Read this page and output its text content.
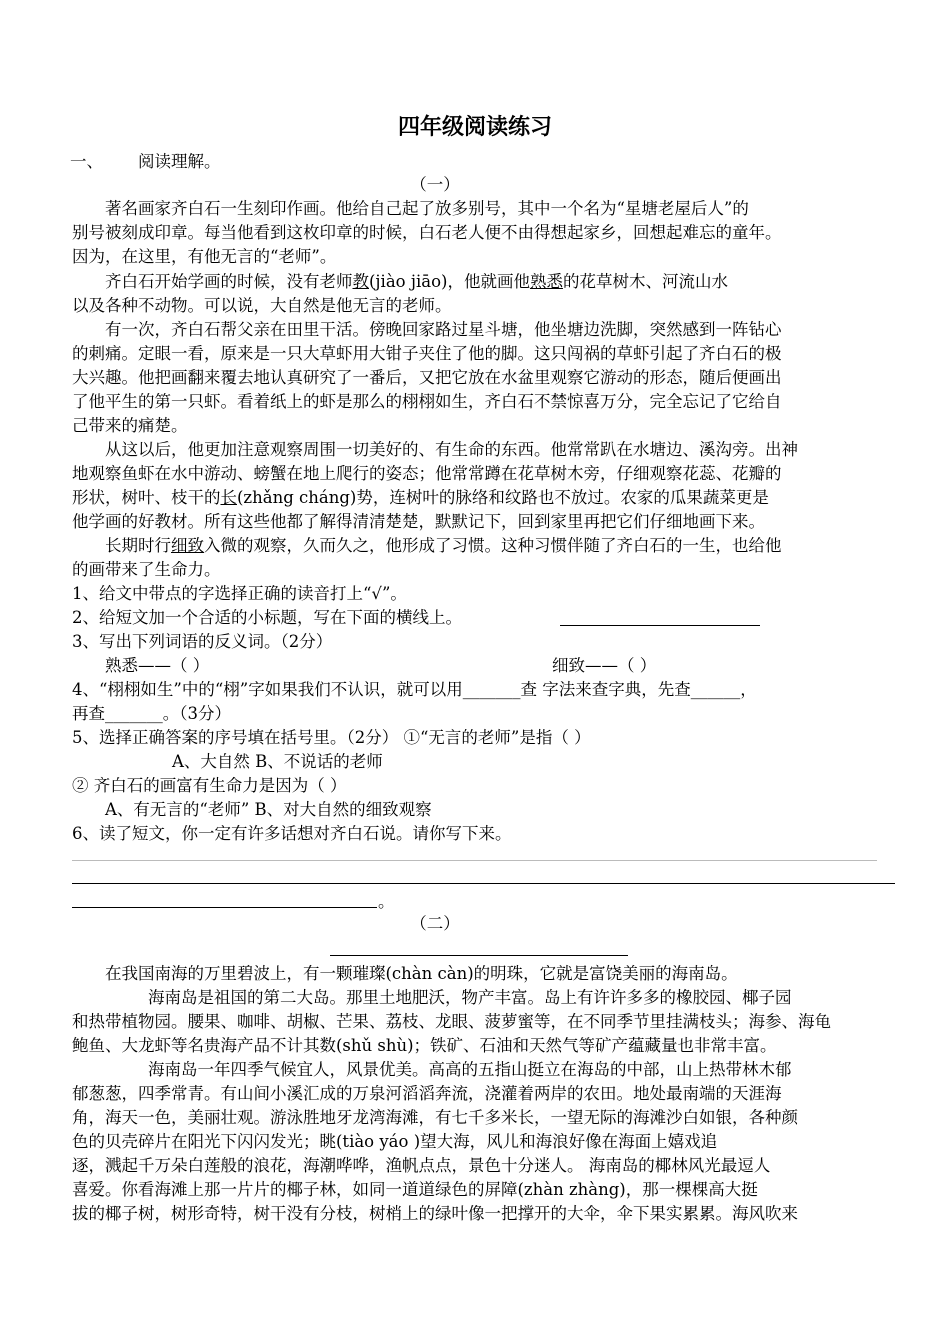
四年级阅读练习
一、 阅读理解。
（一）
著名画家齐白石一生刻印作画。他给自己起了放多别号，其中一个名为“星塘老屋后人”的
别号被刻成印章。每当他看到这枚印章的时候，白石老人便不由得想起家乡，回想起难忘的童年。
因为，在这里，有他无言的“老师”。
齐白石开始学画的时候，没有老师教(jiào jiāo)，他就画他熟悉的花草树木、河流山水
以及各种不动物。可以说，大自然是他无言的老师。
有一次，齐白石帮父亲在田里干活。傍晚回家路过星斗塘，他坐塘边洗脚，突然感到一阵钻心
的刺痛。定眼一看，原来是一只大草虾用大钳子夹住了他的脚。这只闯祸的草虾引起了齐白石的极
大兴趣。他把画翻来覆去地认真研究了一番后，又把它放在水盆里观察它游动的形态，随后便画出
了他平生的第一只虾。看着纸上的虾是那么的栩栩如生，齐白石不禁惊喜万分，完全忘记了它给自
己带来的痛楚。
从这以后，他更加注意观察周围一切美好的、有生命的东西。他常常趴在水塘边、溪沟旁。出神
地观察鱼虾在水中游动、螃蟹在地上爬行的姿态；他常常蹲在花草树木旁，仔细观察花蕊、花瓣的
形状，树叶、枝干的长(zhǎng cháng)势，连树叶的脉络和纹路也不放过。农家的瓜果蔬菜更是
他学画的好教材。所有这些他都了解得清清楚楚，默默记下，回到家里再把它们仔细地画下来。
长期时行细致入微的观察，久而久之，他形成了习惯。这种习惯伴随了齐白石的一生，也给他
的画带来了生命力。
1、给文中带点的字选择正确的读音打上“√”。
2、给短文加一个合适的小标题，写在下面的横线上。
3、写出下列词语的反义词。（2分）
熟悉——（ ）	细致——（ ）
4、“栩栩如生”中的“栩”字如果我们不认识，就可以用_______查 字法来查字典，先查______，
再查_______。（3分）
5、选择正确答案的序号填在括号里。（2分） ①“无言的老师”是指（ ）
A、大自然 B、不说话的老师
② 齐白石的画富有生命力是因为（ ）
A、有无言的“老师” B、对大自然的细致观察
6、读了短文，你一定有许多话想对齐白石说。请你写下来。
。
（二）
在我国南海的万里碧波上，有一颗璀璨(chàn càn)的明珠，它就是富饶美丽的海南岛。
海南岛是祖国的第二大岛。那里土地肥沃，物产丰富。岛上有许许多多的橡胶园、椰子园
和热带植物园。腰果、咖啡、胡椒、芒果、荔枝、龙眼、菠萝蜜等，在不同季节里挂满枝头；海参、海龟
鲍鱼、大龙虾等名贵海产品不计其数(shǔ shù)；铁矿、石油和天然气等矿产蕴藏量也非常丰富。
海南岛一年四季气候宜人，风景优美。高高的五指山挺立在海岛的中部，山上热带林木郁
郁葱葱，四季常青。有山间小溪汇成的万泉河滔滔奔流，浇灌着两岸的农田。地处最南端的天涯海
角，海天一色，美丽壮观。游泳胜地牙龙湾海滩，有七千多米长，一望无际的海滩沙白如银，各种颜
色的贝壳碎片在阳光下闪闪发光；眺(tiào yáo )望大海，风儿和海浪好像在海面上嬉戏追
逐，溅起千万朵白莲般的浪花，海潮哗哗，渔帆点点，景色十分迷人。 海南岛的椰林风光最逗人
喜爱。你看海滩上那一片片的椰子林，如同一道道绿色的屏障(zhàn zhàng)，那一棵棵高大挺
拔的椰子树，树形奇特，树干没有分枝，树梢上的绿叶像一把撑开的大伞，伞下果实累累。海风吹来
